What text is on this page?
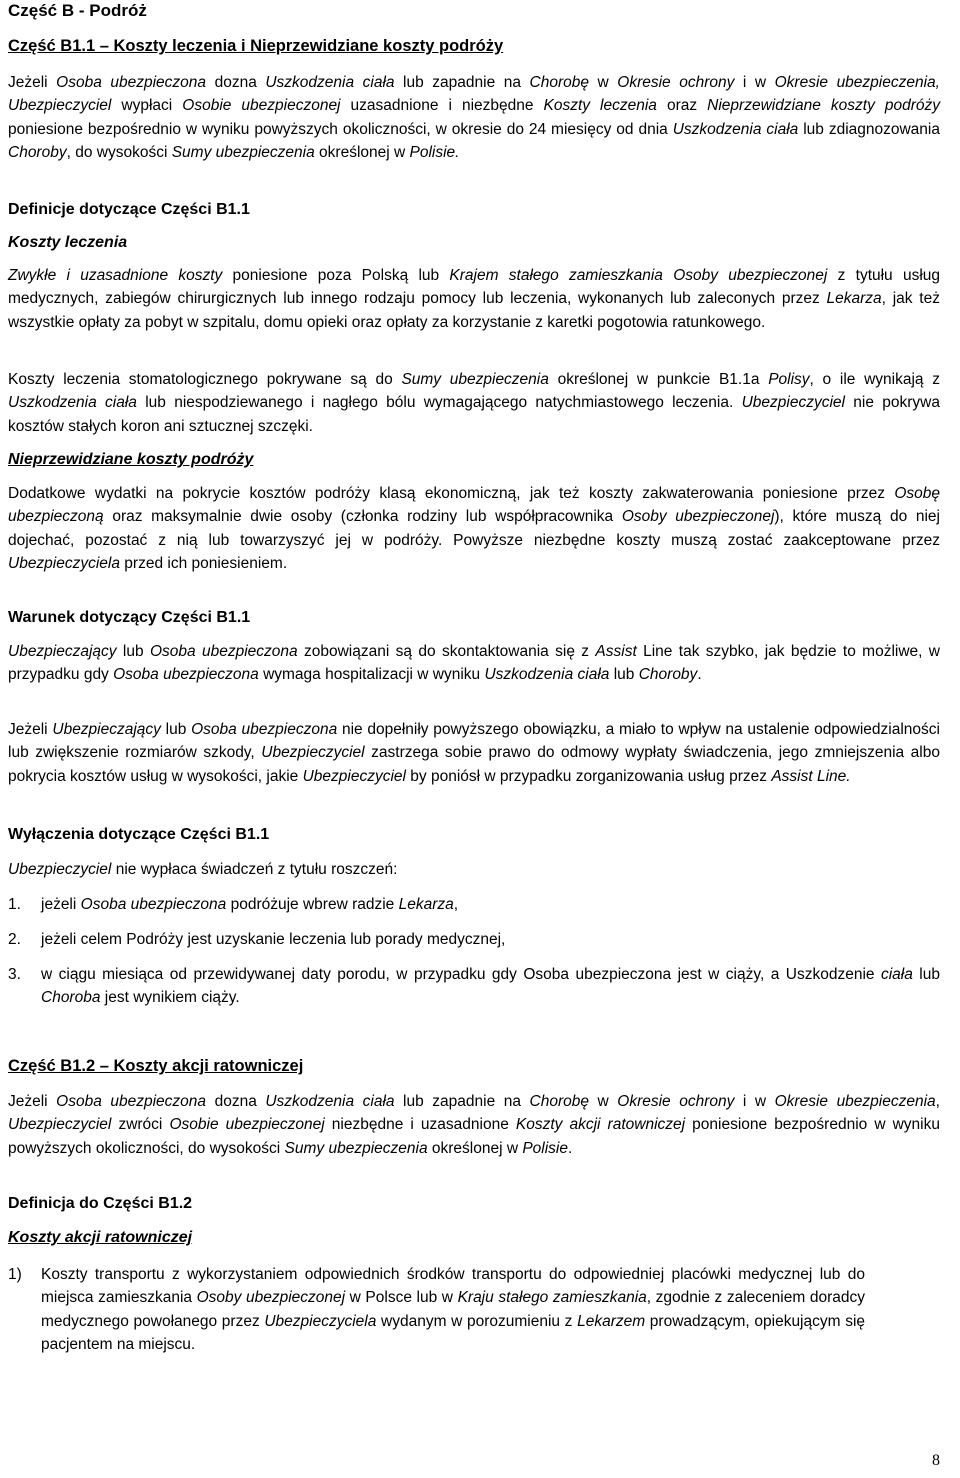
Część B - Podróż
Część B1.1 – Koszty leczenia i Nieprzewidziane koszty podróży
Jeżeli Osoba ubezpieczona dozna Uszkodzenia ciała lub zapadnie na Chorobę w Okresie ochrony i w Okresie ubezpieczenia, Ubezpieczyciel wypłaci Osobie ubezpieczonej uzasadnione i niezbędne Koszty leczenia oraz Nieprzewidziane koszty podróży poniesione bezpośrednio w wyniku powyższych okoliczności, w okresie do 24 miesięcy od dnia Uszkodzenia ciała lub zdiagnozowania Choroby, do wysokości Sumy ubezpieczenia określonej w Polisie.
Definicje dotyczące Części B1.1
Koszty leczenia
Zwykłe i uzasadnione koszty poniesione poza Polską lub Krajem stałego zamieszkania Osoby ubezpieczonej z tytułu usług medycznych, zabiegów chirurgicznych lub innego rodzaju pomocy lub leczenia, wykonanych lub zaleconych przez Lekarza, jak też wszystkie opłaty za pobyt w szpitalu, domu opieki oraz opłaty za korzystanie z karetki pogotowia ratunkowego.
Koszty leczenia stomatologicznego pokrywane są do Sumy ubezpieczenia określonej w punkcie B1.1a Polisy, o ile wynikają z Uszkodzenia ciała lub niespodziewanego i nagłego bólu wymagającego natychmiastowego leczenia. Ubezpieczyciel nie pokrywa kosztów stałych koron ani sztucznej szczęki.
Nieprzewidziane koszty podróży
Dodatkowe wydatki na pokrycie kosztów podróży klasą ekonomiczną, jak też koszty zakwaterowania poniesione przez Osobę ubezpieczoną oraz maksymalnie dwie osoby (członka rodziny lub współpracownika Osoby ubezpieczonej), które muszą do niej dojechać, pozostać z nią lub towarzyszyć jej w podróży. Powyższe niezbędne koszty muszą zostać zaakceptowane przez Ubezpieczyciela przed ich poniesieniem.
Warunek dotyczący Części B1.1
Ubezpieczający lub Osoba ubezpieczona zobowiązani są do skontaktowania się z Assist Line tak szybko, jak będzie to możliwe, w przypadku gdy Osoba ubezpieczona wymaga hospitalizacji w wyniku Uszkodzenia ciała lub Choroby.
Jeżeli Ubezpieczający lub Osoba ubezpieczona nie dopełniły powyższego obowiązku, a miało to wpływ na ustalenie odpowiedzialności lub zwiększenie rozmiarów szkody, Ubezpieczyciel zastrzega sobie prawo do odmowy wypłaty świadczenia, jego zmniejszenia albo pokrycia kosztów usług w wysokości, jakie Ubezpieczyciel by poniósł w przypadku zorganizowania usług przez Assist Line.
Wyłączenia dotyczące Części B1.1
Ubezpieczyciel nie wypłaca świadczeń z tytułu roszczeń:
1. jeżeli Osoba ubezpieczona podróżuje wbrew radzie Lekarza,
2. jeżeli celem Podróży jest uzyskanie leczenia lub porady medycznej,
3. w ciągu miesiąca od przewidywanej daty porodu, w przypadku gdy Osoba ubezpieczona jest w ciąży, a Uszkodzenie ciała lub Choroba jest wynikiem ciąży.
Część B1.2 – Koszty akcji ratowniczej
Jeżeli Osoba ubezpieczona dozna Uszkodzenia ciała lub zapadnie na Chorobę w Okresie ochrony i w Okresie ubezpieczenia, Ubezpieczyciel zwróci Osobie ubezpieczonej niezbędne i uzasadnione Koszty akcji ratowniczej poniesione bezpośrednio w wyniku powyższych okoliczności, do wysokości Sumy ubezpieczenia określonej w Polisie.
Definicja do Części B1.2
Koszty akcji ratowniczej
1) Koszty transportu z wykorzystaniem odpowiednich środków transportu do odpowiedniej placówki medycznej lub do miejsca zamieszkania Osoby ubezpieczonej w Polsce lub w Kraju stałego zamieszkania, zgodnie z zaleceniem doradcy medycznego powołanego przez Ubezpieczyciela wydanym w porozumieniu z Lekarzem prowadzącym, opiekującym się pacjentem na miejscu.
8
